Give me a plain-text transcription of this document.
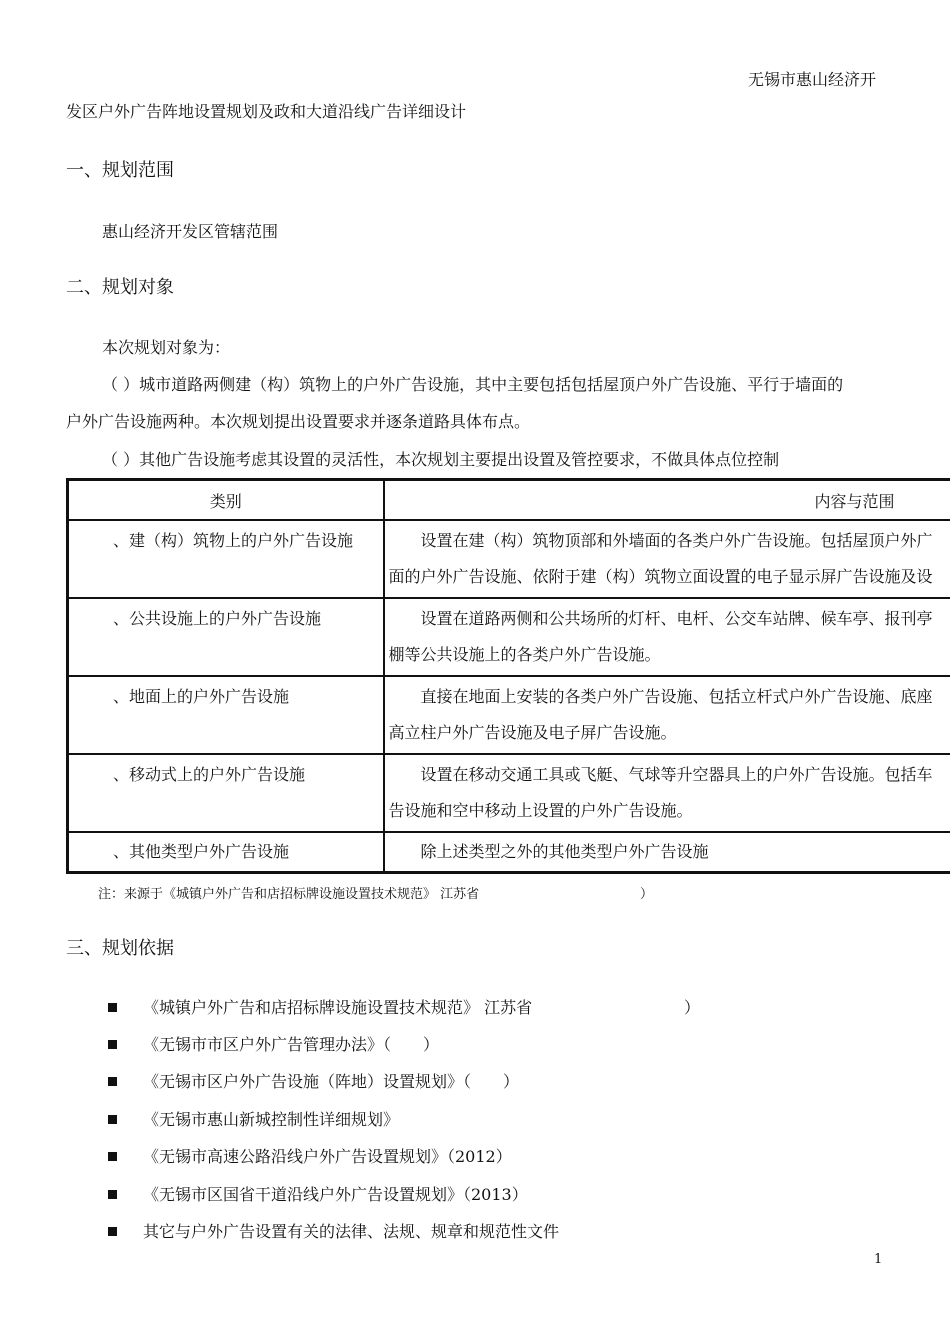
无锡市惠山经济开
发区户外广告阵地设置规划及政和大道沿线广告详细设计
一、规划范围
惠山经济开发区管辖范围
二、规划对象
本次规划对象为：
（ ）城市道路两侧建（构）筑物上的户外广告设施，其中主要包括包括屋顶户外广告设施、平行于墙面的
户外广告设施两种。本次规划提出设置要求并逐条道路具体布点。
（ ）其他广告设施考虑其设置的灵活性，本次规划主要提出设置及管控要求，不做具体点位控制
类别	内容与范围

、建（构）筑物上的户外广告设施	设置在建（构）筑物顶部和外墙面的各类户外广告设施。包括屋顶户外广
面的户外广告设施、依附于建（构）筑物立面设置的电子显示屏广告设施及设

、公共设施上的户外广告设施	设置在道路两侧和公共场所的灯杆、电杆、公交车站牌、候车亭、报刊亭
棚等公共设施上的各类户外广告设施。

、地面上的户外广告设施	直接在地面上安装的各类户外广告设施、包括立杆式户外广告设施、底座
高立柱户外广告设施及电子屏广告设施。

、移动式上的户外广告设施	设置在移动交通工具或飞艇、气球等升空器具上的户外广告设施。包括车
告设施和空中移动上设置的户外广告设施。

、其他类型户外广告设施	除上述类型之外的其他类型户外广告设施
注：来源于《城镇户外广告和店招标牌设施设置技术规范》 江苏省	）
三、规划依据
《城镇户外广告和店招标牌设施设置技术规范》 江苏省	）
《无锡市市区户外广告管理办法》（　　）
《无锡市区户外广告设施（阵地）设置规划》（　　）
《无锡市惠山新城控制性详细规划》
《无锡市高速公路沿线户外广告设置规划》（2012）
《无锡市区国省干道沿线户外广告设置规划》（2013）
其它与户外广告设置有关的法律、法规、规章和规范性文件
1
